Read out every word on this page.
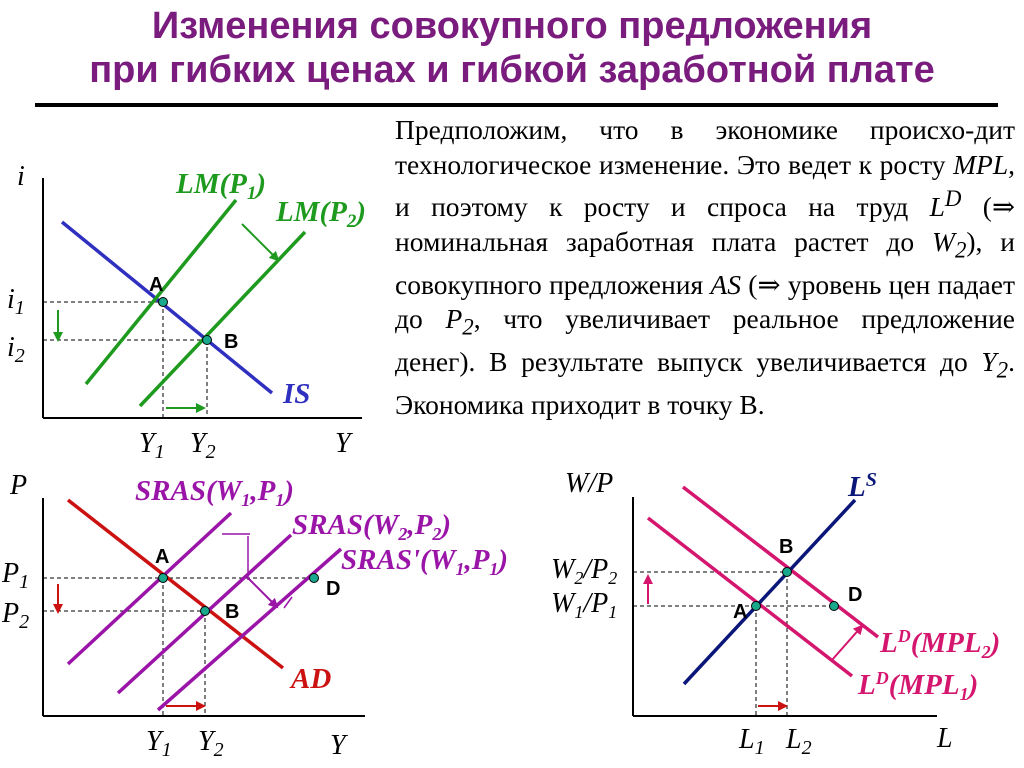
Изменения совокупного предложения
при гибких ценах и гибкой заработной плате
Предположим, что в экономике происхо-дит технологическое изменение. Это ведет к росту MPL, и поэтому к росту и спроса на труд $L^D$ (⇒ номинальная заработная плата растет до $W_2$), и совокупного предложения AS (⇒ уровень цен падает до $P_2$, что увеличивает реальное предложение денег). В результате выпуск увеличивается до $Y_2$. Экономика приходит в точку В.
i
Y
A
B
$i_1$
$i_2$
$Y_1$ $Y_2$
$LM(P_1)$
$LM(P_2)$
IS
P
Y
A
B
D
$P_1$
$P_2$
$Y_1$ $Y_2$
$SRAS(W_1,P_1)$
$SRAS(W_2,P_2)$
$SRAS'(W_1,P_1)$
AD
W/P
L
A
B
D
$W_2/P_2$
$W_1/P_1$
$L_1$ $L_2$
$L^S$
$L^D(MPL_2)$
$L^D(MPL_1)$
